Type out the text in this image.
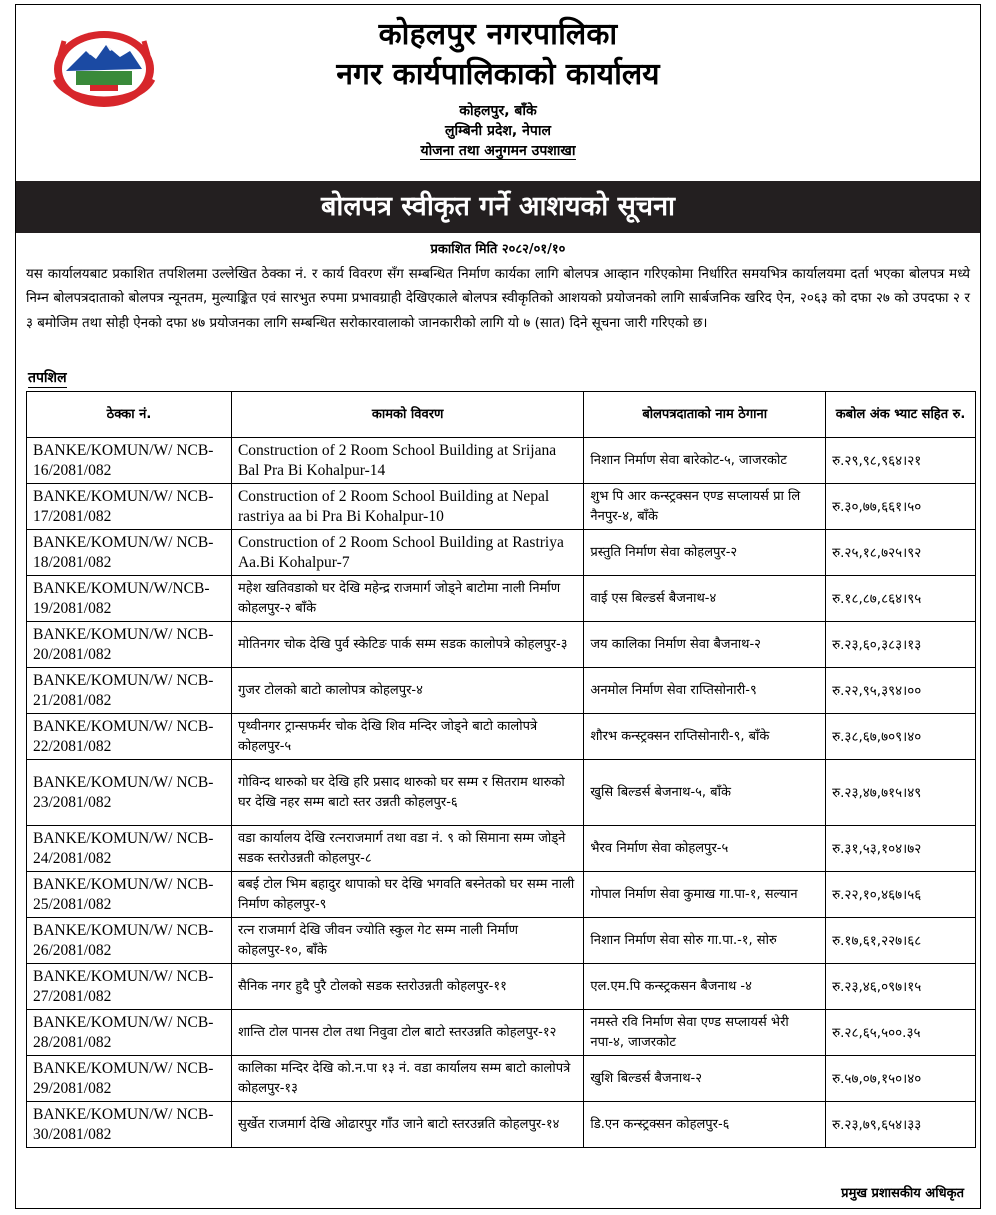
कोहलपुर नगरपालिका
नगर कार्यपालिकाको कार्यालय
कोहलपुर, बाँके
लुम्बिनी प्रदेश, नेपाल
योजना तथा अनुगमन उपशाखा
बोलपत्र स्वीकृत गर्ने आशयको सूचना
प्रकाशित मिति २०८२/०१/१०
यस कार्यालयबाट प्रकाशित तपशिलमा उल्लेखित ठेक्का नं. र कार्य विवरण सँग सम्बन्धित निर्माण कार्यका लागि बोलपत्र आव्हान गरिएकोमा निर्धारित समयभित्र कार्यालयमा दर्ता भएका बोलपत्र मध्ये निम्न बोलपत्रदाताको बोलपत्र न्यूनतम, मुल्याङ्कित एवं सारभुत रुपमा प्रभावग्राही देखिएकाले बोलपत्र स्वीकृतिको आशयको प्रयोजनको लागि सार्बजनिक खरिद ऐन, २०६३ को दफा २७ को उपदफा २ र ३ बमोजिम तथा सोही ऐनको दफा ४७ प्रयोजनका लागि सम्बन्धित सरोकारवालाको जानकारीको लागि यो ७ (सात) दिने सूचना जारी गरिएको छ।
तपशिल
ठेक्का नं.	कामको विवरण	बोलपत्रदाताको नाम ठेगाना	कबोल अंक भ्याट सहित रु.
BANKE/KOMUN/W/ NCB-16/2081/082	Construction of 2 Room School Building at Srijana Bal Pra Bi Kohalpur-14	निशान निर्माण सेवा बारेकोट-५, जाजरकोट	रु.२९,९८,९६४।२१
BANKE/KOMUN/W/ NCB-17/2081/082	Construction of 2 Room School Building at Nepal rastriya aa bi Pra Bi Kohalpur-10	शुभ पि आर कन्स्ट्रक्सन एण्ड सप्लायर्स प्रा लि नैनपुर-४, बाँके	रु.३०,७७,६६१।५०
BANKE/KOMUN/W/ NCB-18/2081/082	Construction of 2 Room School Building at Rastriya Aa.Bi Kohalpur-7	प्रस्तुति निर्माण सेवा कोहलपुर-२	रु.२५,१८,७२५।९२
BANKE/KOMUN/W/NCB- 19/2081/082	महेश खतिवडाको घर देखि महेन्द्र राजमार्ग जोड्ने बाटोमा नाली निर्माण कोहलपुर-२ बाँके	वाई एस बिल्डर्स बैजनाथ-४	रु.१८,८७,८६४।९५
BANKE/KOMUN/W/ NCB-20/2081/082	मोतिनगर चोक देखि पुर्व स्केटिङ पार्क सम्म सडक कालोपत्रे कोहलपुर-३	जय कालिका निर्माण सेवा बैजनाथ-२	रु.२३,६०,३८३।१३
BANKE/KOMUN/W/ NCB-21/2081/082	गुजर टोलको बाटो कालोपत्र कोहलपुर-४	अनमोल निर्माण सेवा राप्तिसोनारी-९	रु.२२,९५,३९४।००
BANKE/KOMUN/W/ NCB-22/2081/082	पृथ्वीनगर ट्रान्सफर्मर चोक देखि शिव मन्दिर जोड्ने बाटो कालोपत्रे कोहलपुर-५	शौरभ कन्स्ट्रक्सन राप्तिसोनारी-९, बाँके	रु.३८,६७,७०९।४०
BANKE/KOMUN/W/ NCB-23/2081/082	गोविन्द थारुको घर देखि हरि प्रसाद थारुको घर सम्म र सितराम थारुको घर देखि नहर सम्म बाटो स्तर उन्नती कोहलपुर-६	खुसि बिल्डर्स बेजनाथ-५, बाँके	रु.२३,४७,७१५।४९
BANKE/KOMUN/W/ NCB-24/2081/082	वडा कार्यालय देखि रत्नराजमार्ग तथा वडा नं. ९ को सिमाना सम्म जोड्ने सडक स्तरोउन्नती कोहलपुर-८	भैरव निर्माण सेवा कोहलपुर-५	रु.३१,५३,१०४।७२
BANKE/KOMUN/W/ NCB-25/2081/082	बबई टोल भिम बहादुर थापाको घर देखि भगवति बस्नेतको घर सम्म नाली निर्माण कोहलपुर-९	गोपाल निर्माण सेवा कुमाख गा.पा-१, सल्यान	रु.२२,१०,४६७।५६
BANKE/KOMUN/W/ NCB-26/2081/082	रत्न राजमार्ग देखि जीवन ज्योति स्कुल गेट सम्म नाली निर्माण कोहलपुर-१०, बाँके	निशान निर्माण सेवा सोरु गा.पा.-१, सोरु	रु.१७,६१,२२७।६८
BANKE/KOMUN/W/ NCB-27/2081/082	सैनिक नगर हुदै पुरै टोलको सडक स्तरोउन्नती कोहलपुर-११	एल.एम.पि कन्स्ट्रकसन बैजनाथ -४	रु.२३,४६,०९७।१५
BANKE/KOMUN/W/ NCB-28/2081/082	शान्ति टोल पानस टोल तथा निवुवा टोल बाटो स्तरउन्नति कोहलपुर-१२	नमस्ते रवि निर्माण सेवा एण्ड सप्लायर्स भेरी नपा-४, जाजरकोट	रु.२८,६५,५००.३५
BANKE/KOMUN/W/ NCB-29/2081/082	कालिका मन्दिर देखि को.न.पा १३ नं. वडा कार्यालय सम्म बाटो कालोपत्रे कोहलपुर-१३	खुशि बिल्डर्स बैजनाथ-२	रु.५७,०७,१५०।४०
BANKE/KOMUN/W/ NCB-30/2081/082	सुर्खेत राजमार्ग देखि ओढारपुर गाँउ जाने बाटो स्तरउन्नति कोहलपुर-१४	डि.एन कन्स्ट्रक्सन कोहलपुर-६	रु.२३,७९,६५४।३३
प्रमुख प्रशासकीय अधिकृत
